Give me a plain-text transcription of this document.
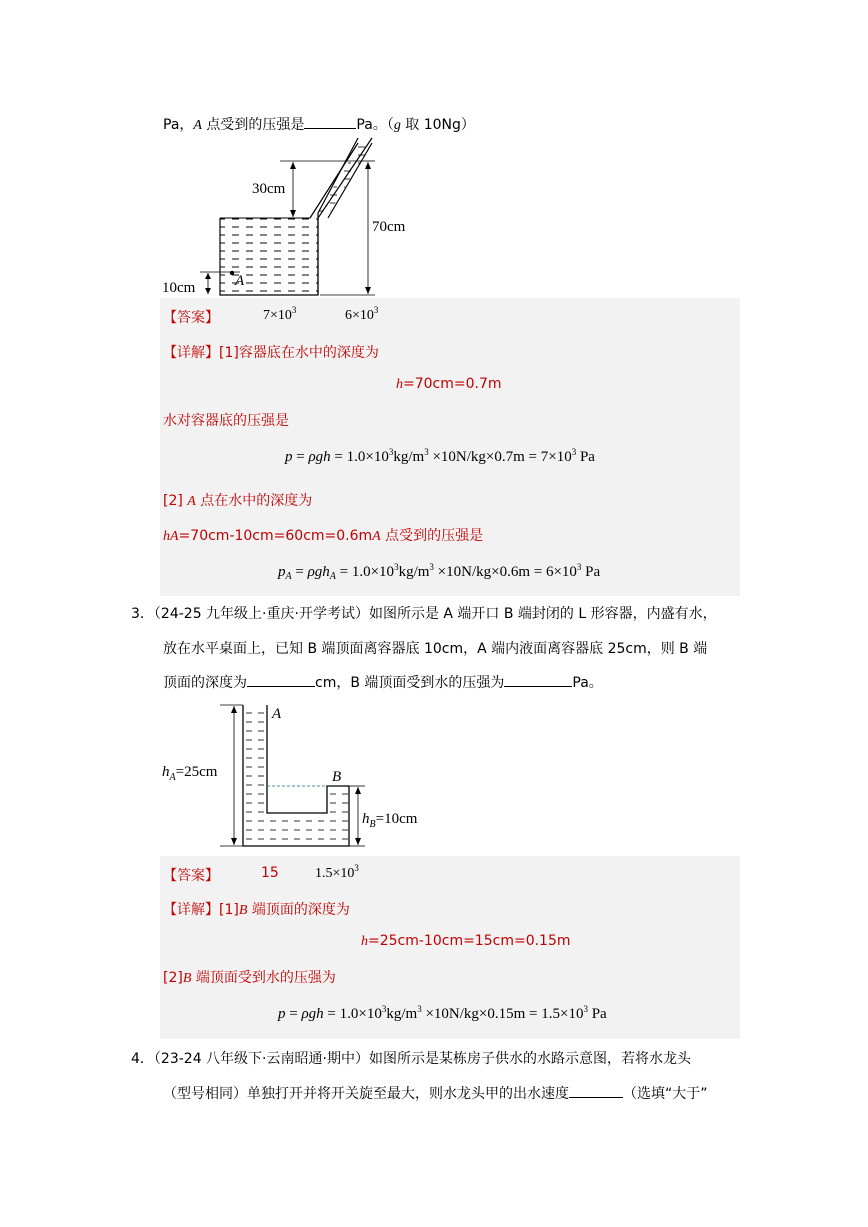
Pa，A 点受到的压强是	Pa。（g 取 10Ng）
30cm
70cm
10cm	A
【答案】	$7\times 10^3$	$6\times 10^3$
【详解】[1]容器底在水中的深度为
h=70cm=0.7m
水对容器底的压强是
$p = \rho gh = 1.0\times 10^3kg/m^3 \times 10N/kg\times 0.7m = 7\times 10^3$ Pa
[2] A 点在水中的深度为
hA=70cm-10cm=60cm=0.6mA 点受到的压强是
$p_A = \rho gh_A = 1.0\times 10^3kg/m^3 \times 10N/kg\times 0.6m = 6\times 10^3$ Pa
3．（24-25 九年级上·重庆·开学考试）如图所示是 A 端开口 B 端封闭的 L 形容器，内盛有水，
放在水平桌面上，已知 B 端顶面离容器底 10cm，A 端内液面离容器底 25cm，则 B 端
顶面的深度为	cm，B 端顶面受到水的压强为	Pa。
$h_A=25cm$
A
B
$h_B=10cm$
【答案】	15	$1.5\times 10^3$
【详解】[1]B 端顶面的深度为
h=25cm-10cm=15cm=0.15m
[2]B 端顶面受到水的压强为
$p = \rho gh = 1.0\times 10^3kg/m^3 \times 10N/kg\times 0.15m = 1.5\times 10^3$ Pa
4．（23-24 八年级下·云南昭通·期中）如图所示是某栋房子供水的水路示意图，若将水龙头
（型号相同）单独打开并将开关旋至最大，则水龙头甲的出水速度	（选填“大于”
